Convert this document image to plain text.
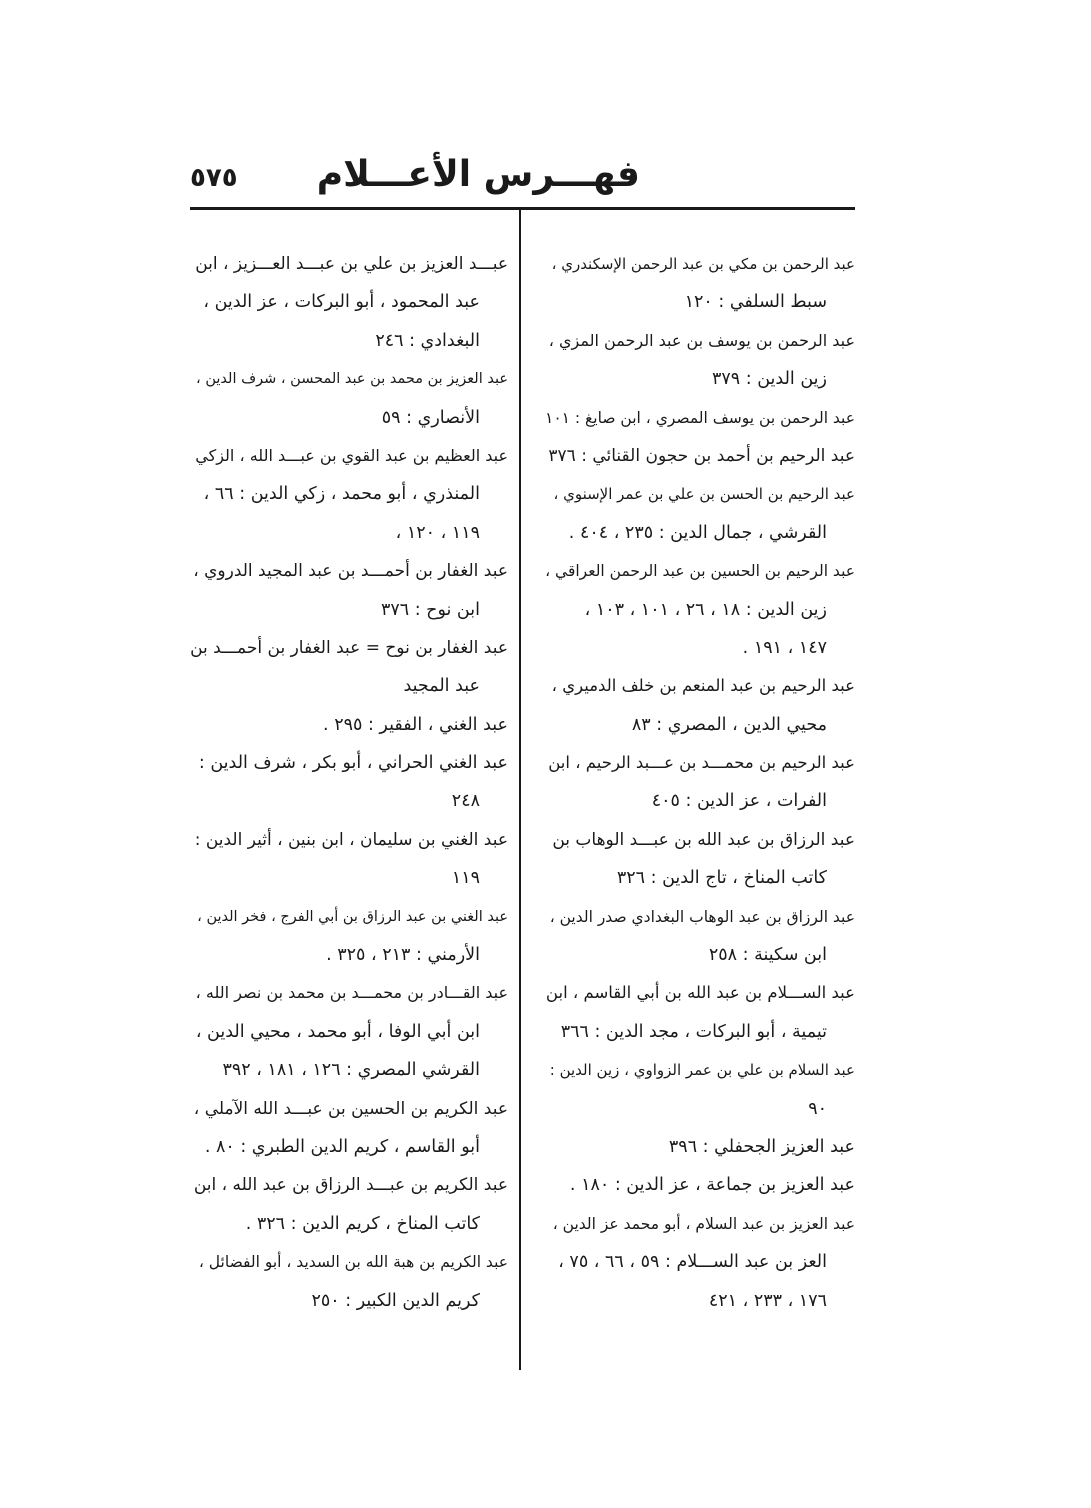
فهـــرس الأعـــلام
٥٧٥
عبد الرحمن بن مكي بن عبد الرحمن الإسكندري ،
سبط السلفي : ١٢٠
عبد الرحمن بن يوسف بن عبد الرحمن المزي ،
زين الدين : ٣٧٩
عبد الرحمن بن يوسف المصري ، ابن صايغ : ١٠١
عبد الرحيم بن أحمد بن حجون القنائي : ٣٧٦
عبد الرحيم بن الحسن بن علي بن عمر الإسنوي ،
القرشي ، جمال الدين : ٢٣٥ ، ٤٠٤ .
عبد الرحيم بن الحسين بن عبد الرحمن العراقي ،
زين الدين : ١٨ ، ٢٦ ، ١٠١ ، ١٠٣ ،
١٤٧ ، ١٩١ .
عبد الرحيم بن عبد المنعم بن خلف الدميري ،
محيي الدين ، المصري : ٨٣
عبد الرحيم بن محمـــد بن عـــبد الرحيم ، ابن
الفرات ، عز الدين : ٤٠٥
عبد الرزاق بن عبد الله بن عبـــد الوهاب بن
كاتب المناخ ، تاج الدين : ٣٢٦
عبد الرزاق بن عبد الوهاب البغدادي صدر الدين ،
ابن سكينة : ٢٥٨
عبد الســـلام بن عبد الله بن أبي القاسم ، ابن
تيمية ، أبو البركات ، مجد الدين : ٣٦٦
عبد السلام بن علي بن عمر الزواوي ، زين الدين :
٩٠
عبد العزيز الجحفلي : ٣٩٦
عبد العزيز بن جماعة ، عز الدين : ١٨٠ .
عبد العزيز بن عبد السلام ، أبو محمد عز الدين ،
العز بن عبد الســـلام : ٥٩ ، ٦٦ ، ٧٥ ،
١٧٦ ، ٢٣٣ ، ٤٢١
عبـــد العزيز بن علي بن عبـــد العـــزيز ، ابن
عبد المحمود ، أبو البركات ، عز الدين ،
البغدادي : ٢٤٦
عبد العزيز بن محمد بن عبد المحسن ، شرف الدين ،
الأنصاري : ٥٩
عبد العظيم بن عبد القوي بن عبـــد الله ، الزكي
المنذري ، أبو محمد ، زكي الدين : ٦٦ ،
١١٩ ، ١٢٠ ،
عبد الغفار بن أحمـــد بن عبد المجيد الدروي ،
ابن نوح : ٣٧٦
عبد الغفار بن نوح = عبد الغفار بن أحمـــد بن
عبد المجيد
عبد الغني ، الفقير : ٢٩٥ .
عبد الغني الحراني ، أبو بكر ، شرف الدين :
٢٤٨
عبد الغني بن سليمان ، ابن بنين ، أثير الدين :
١١٩
عبد الغني بن عبد الرزاق بن أبي الفرج ، فخر الدين ،
الأرمني : ٢١٣ ، ٣٢٥ .
عبد القـــادر بن محمـــد بن محمد بن نصر الله ،
ابن أبي الوفا ، أبو محمد ، محيي الدين ،
القرشي المصري : ١٢٦ ، ١٨١ ، ٣٩٢
عبد الكريم بن الحسين بن عبـــد الله الآملي ،
أبو القاسم ، كريم الدين الطبري : ٨٠ .
عبد الكريم بن عبـــد الرزاق بن عبد الله ، ابن
كاتب المناخ ، كريم الدين : ٣٢٦ .
عبد الكريم بن هبة الله بن السديد ، أبو الفضائل ،
كريم الدين الكبير : ٢٥٠
